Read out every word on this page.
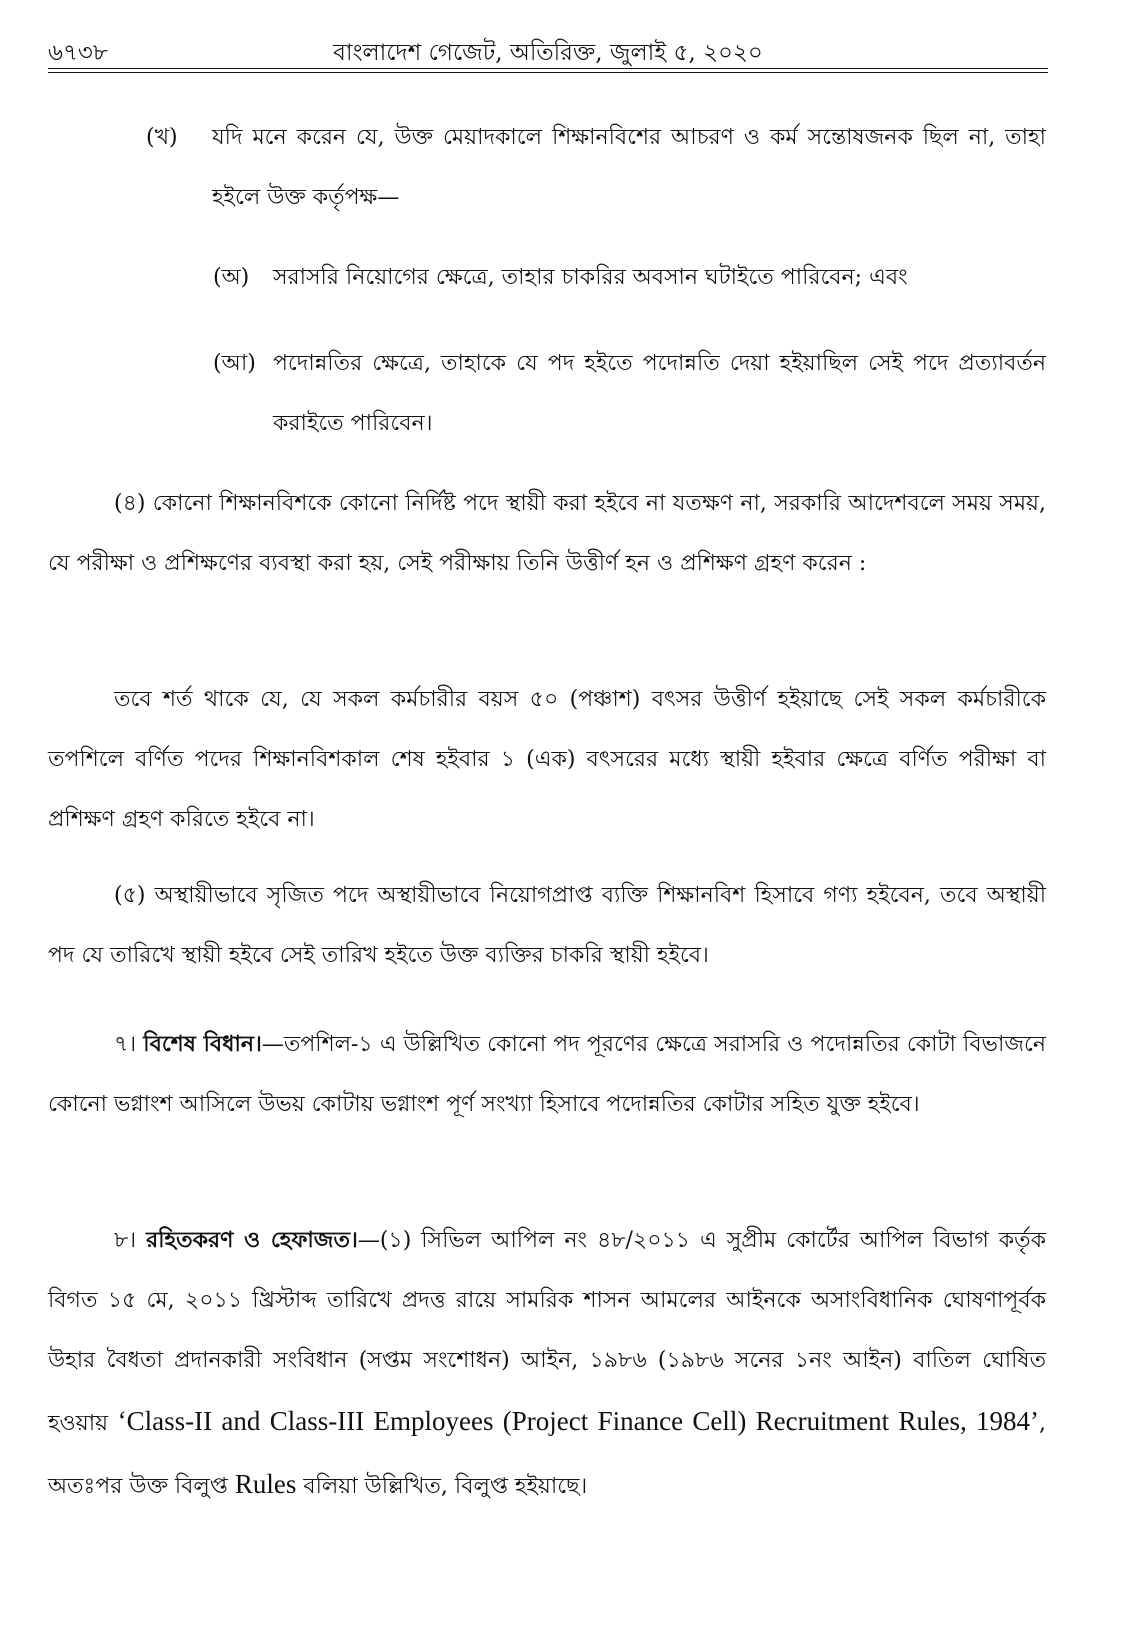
৬৭৩৮	বাংলাদেশ গেজেট, অতিরিক্ত, জুলাই ৫, ২০২০

(খ) যদি মনে করেন যে, উক্ত মেয়াদকালে শিক্ষানবিশের আচরণ ও কর্ম সন্তোষজনক ছিল না, তাহা হইলে উক্ত কর্তৃপক্ষ—

(অ) সরাসরি নিয়োগের ক্ষেত্রে, তাহার চাকরির অবসান ঘটাইতে পারিবেন; এবং

(আ) পদোন্নতির ক্ষেত্রে, তাহাকে যে পদ হইতে পদোন্নতি দেয়া হইয়াছিল সেই পদে প্রত্যাবর্তন করাইতে পারিবেন।

(৪) কোনো শিক্ষানবিশকে কোনো নির্দিষ্ট পদে স্থায়ী করা হইবে না যতক্ষণ না, সরকারি আদেশবলে সময় সময়, যে পরীক্ষা ও প্রশিক্ষণের ব্যবস্থা করা হয়, সেই পরীক্ষায় তিনি উত্তীর্ণ হন ও প্রশিক্ষণ গ্রহণ করেন :

তবে শর্ত থাকে যে, যে সকল কর্মচারীর বয়স ৫০ (পঞ্চাশ) বৎসর উত্তীর্ণ হইয়াছে সেই সকল কর্মচারীকে তপশিলে বর্ণিত পদের শিক্ষানবিশকাল শেষ হইবার ১ (এক) বৎসরের মধ্যে স্থায়ী হইবার ক্ষেত্রে বর্ণিত পরীক্ষা বা প্রশিক্ষণ গ্রহণ করিতে হইবে না।

(৫) অস্থায়ীভাবে সৃজিত পদে অস্থায়ীভাবে নিয়োগপ্রাপ্ত ব্যক্তি শিক্ষানবিশ হিসাবে গণ্য হইবেন, তবে অস্থায়ী পদ যে তারিখে স্থায়ী হইবে সেই তারিখ হইতে উক্ত ব্যক্তির চাকরি স্থায়ী হইবে।

৭। বিশেষ বিধান।—তপশিল-১ এ উল্লিখিত কোনো পদ পূরণের ক্ষেত্রে সরাসরি ও পদোন্নতির কোটা বিভাজনে কোনো ভগ্নাংশ আসিলে উভয় কোটায় ভগ্নাংশ পূর্ণ সংখ্যা হিসাবে পদোন্নতির কোটার সহিত যুক্ত হইবে।

৮। রহিতকরণ ও হেফাজত।—(১) সিভিল আপিল নং ৪৮/২০১১ এ সুপ্রীম কোর্টের আপিল বিভাগ কর্তৃক বিগত ১৫ মে, ২০১১ খ্রিস্টাব্দ তারিখে প্রদত্ত রায়ে সামরিক শাসন আমলের আইনকে অসাংবিধানিক ঘোষণাপূর্বক উহার বৈধতা প্রদানকারী সংবিধান (সপ্তম সংশোধন) আইন, ১৯৮৬ (১৯৮৬ সনের ১নং আইন) বাতিল ঘোষিত হওয়ায় ‘Class-II and Class-III Employees (Project Finance Cell) Recruitment Rules, 1984’, অতঃপর উক্ত বিলুপ্ত Rules বলিয়া উল্লিখিত, বিলুপ্ত হইয়াছে।
